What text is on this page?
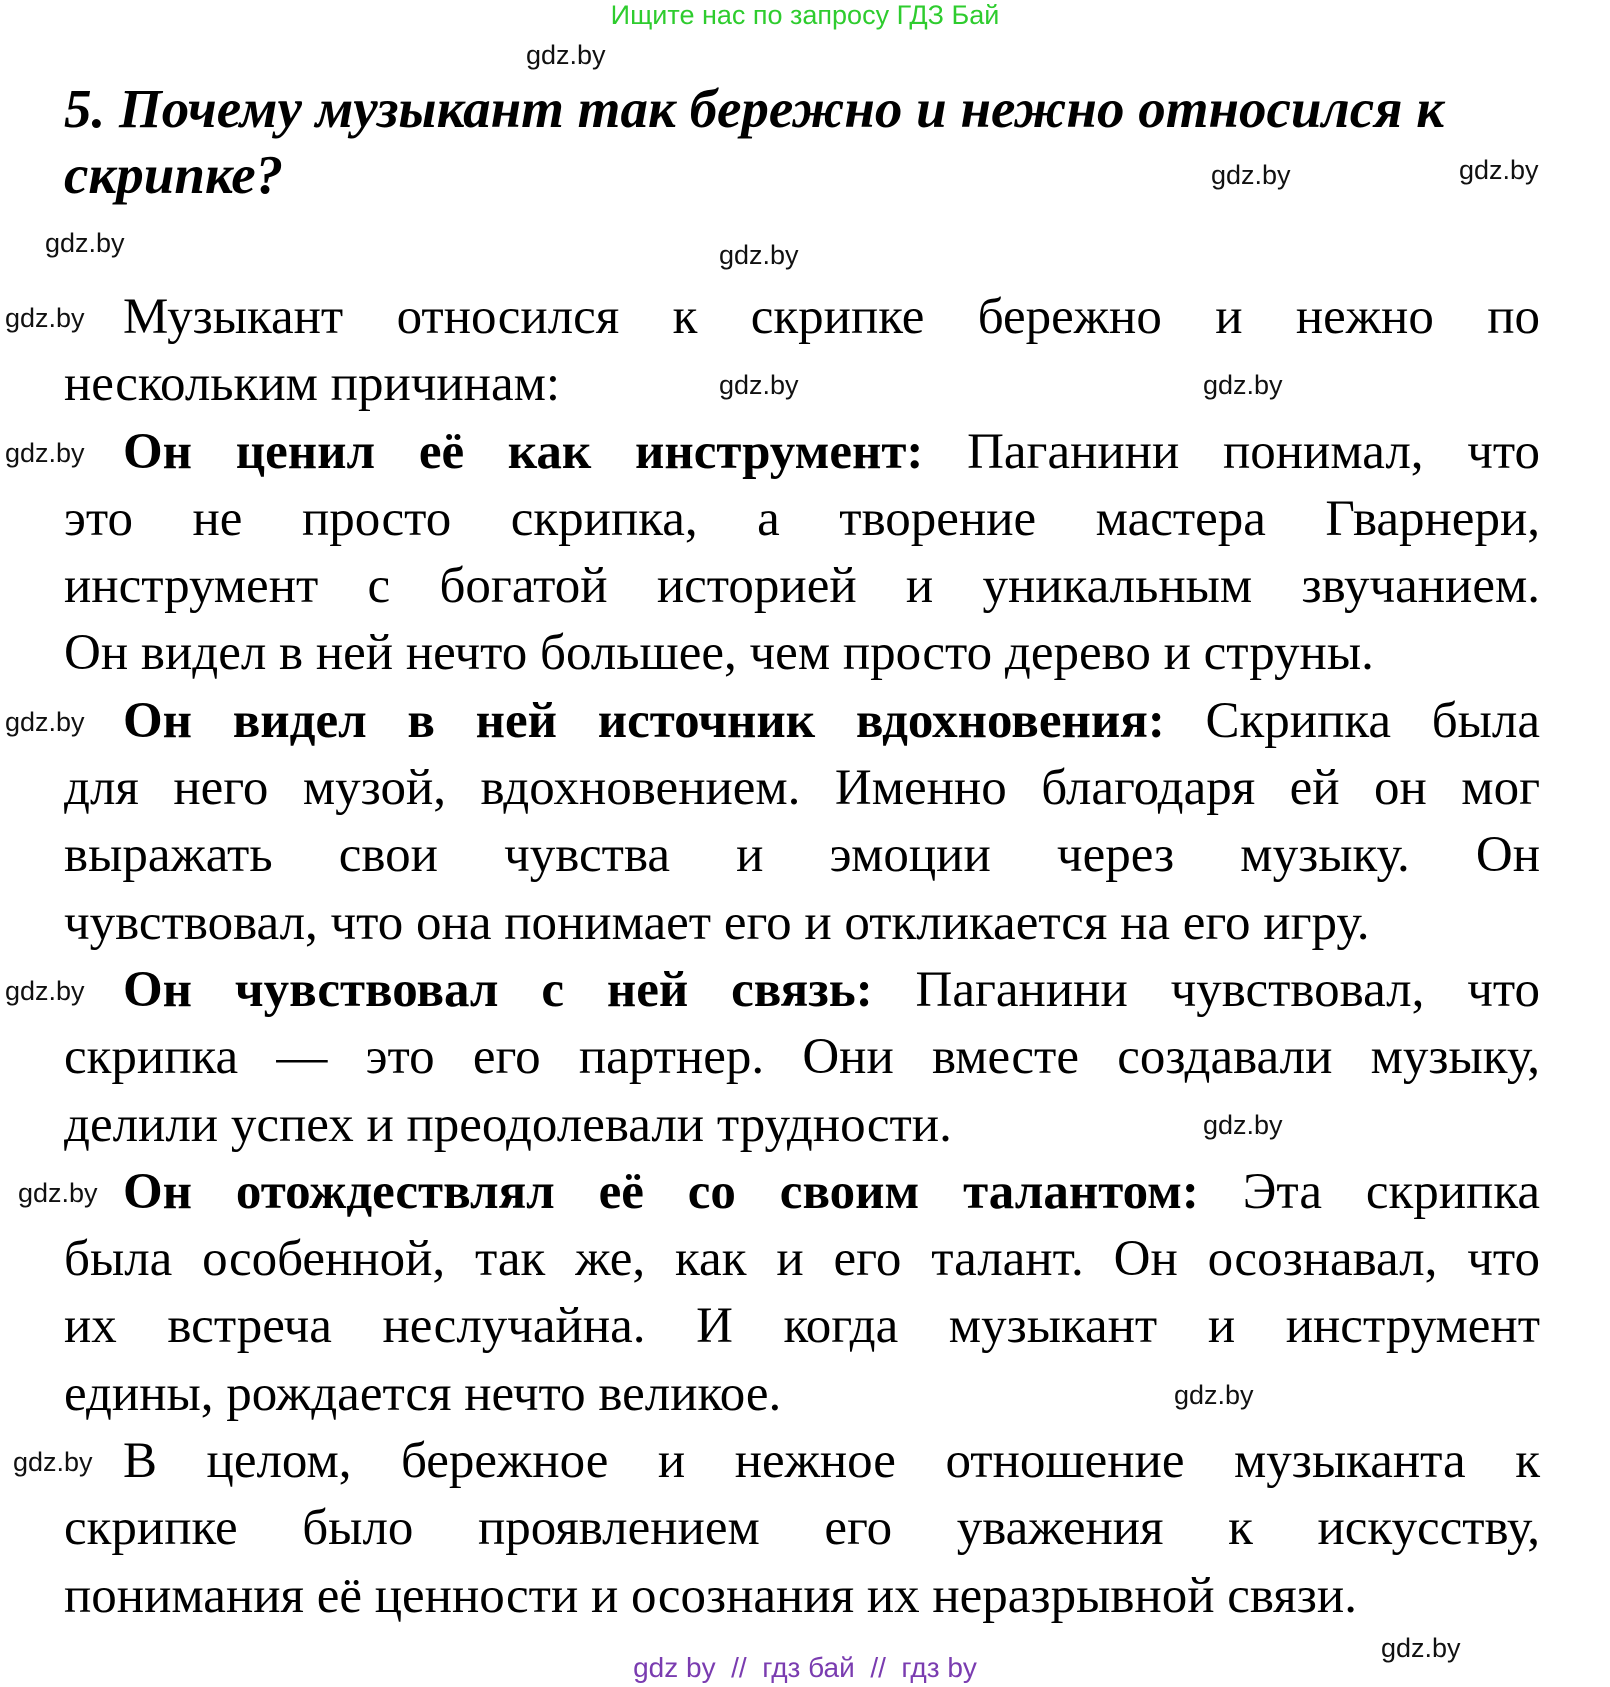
Ищите нас по запросу ГДЗ Бай
5. Почему музыкант так бережно и нежно относился к
скрипке?
Музыкант относился к скрипке бережно и нежно по
нескольким причинам:
Он ценил её как инструмент: Паганини понимал, что
это не просто скрипка, а творение мастера Гварнери,
инструмент с богатой историей и уникальным звучанием.
Он видел в ней нечто большее, чем просто дерево и струны.
Он видел в ней источник вдохновения: Скрипка была
для него музой, вдохновением. Именно благодаря ей он мог
выражать свои чувства и эмоции через музыку. Он
чувствовал, что она понимает его и откликается на его игру.
Он чувствовал с ней связь: Паганини чувствовал, что
скрипка — это его партнер. Они вместе создавали музыку,
делили успех и преодолевали трудности.
Он отождествлял её со своим талантом: Эта скрипка
была особенной, так же, как и его талант. Он осознавал, что
их встреча неслучайна. И когда музыкант и инструмент
едины, рождается нечто великое.
В целом, бережное и нежное отношение музыканта к
скрипке было проявлением его уважения к искусству,
понимания её ценности и осознания их неразрывной связи.
gdz.by
gdz.by
gdz.by
gdz.by	gdz.by
gdz.by
gdz.by	gdz.by
gdz.by
gdz.by
gdz.by
gdz.by
gdz.by
gdz.by
gdz.by
gdz.by
gdz by  //  гдз бай  //  гдз by
